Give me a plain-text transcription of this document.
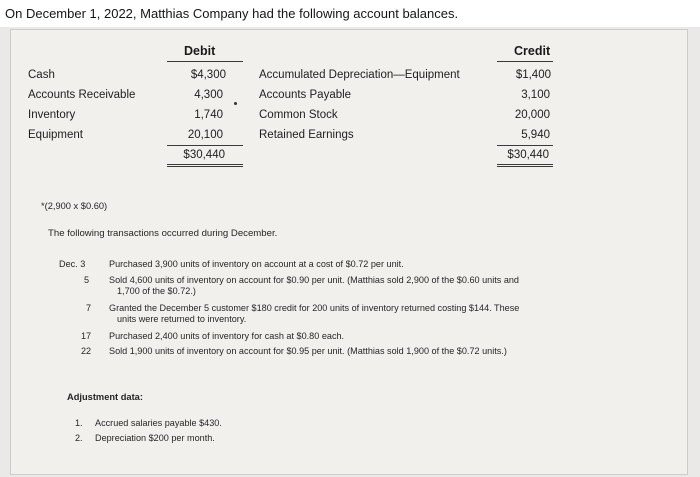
On December 1, 2022, Matthias Company had the following account balances.
Debit	Credit
Cash
Accounts Receivable
Inventory
Equipment
$4,300
4,300
1,740
20,100
$30,440
Accumulated Depreciation—Equipment
Accounts Payable
Common Stock
Retained Earnings
$1,400
3,100
20,000
5,940
$30,440
*(2,900 x $0.60)
The following transactions occurred during December.
Dec. 3	Purchased 3,900 units of inventory on account at a cost of $0.72 per unit.
5 Sold 4,600 units of inventory on account for $0.90 per unit. (Matthias sold 2,900 of the $0.60 units and
1,700 of the $0.72.)
7 Granted the December 5 customer $180 credit for 200 units of inventory returned costing $144. These
units were returned to inventory.
17 Purchased 2,400 units of inventory for cash at $0.80 each.
22 Sold 1,900 units of inventory on account for $0.95 per unit. (Matthias sold 1,900 of the $0.72 units.)
Adjustment data:
1. Accrued salaries payable $430.
2. Depreciation $200 per month.
